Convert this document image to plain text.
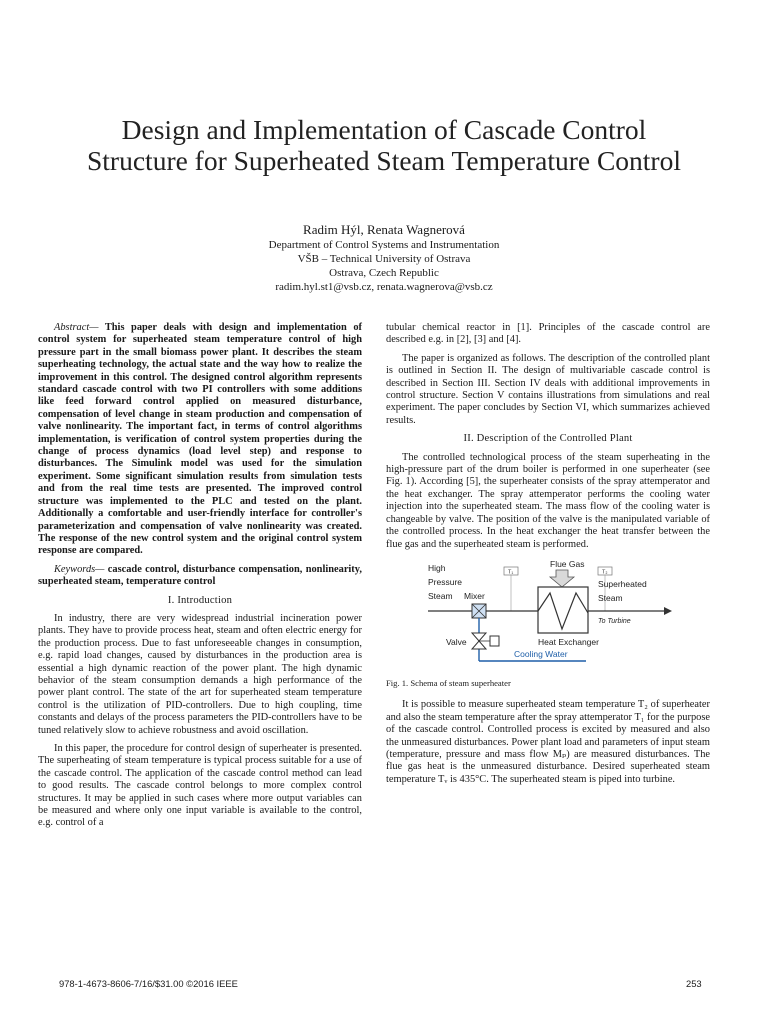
Design and Implementation of Cascade Control
Structure for Superheated Steam Temperature Control
Radim Hýl, Renata Wagnerová
Department of Control Systems and Instrumentation
VŠB – Technical University of Ostrava
Ostrava, Czech Republic
radim.hyl.st1@vsb.cz, renata.wagnerova@vsb.cz

Abstract— This paper deals with design and implementation of control system for superheated steam temperature control of high pressure part in the small biomass power plant. It describes the steam superheating technology, the actual state and the way how to realize the improvement in this control. The designed control algorithm represents standard cascade control with two PI controllers with some additions like feed forward control applied on measured disturbance, compensation of level change in steam production and compensation of valve nonlinearity. The important fact, in terms of control algorithms implementation, is verification of control system properties during the change of process dynamics (load level step) and response to disturbances. The Simulink model was used for the simulation experiment. Some significant simulation results from simulation tests and from the real time tests are presented. The improved control structure was implemented to the PLC and tested on the plant. Additionally a comfortable and user-friendly interface for controller's parameterization and compensation of valve nonlinearity was created. The response of the new control system and the original control system response are compared.

Keywords— cascade control, disturbance compensation, nonlinearity, superheated steam, temperature control

I. Introduction

In industry, there are very widespread industrial incineration power plants. They have to provide process heat, steam and often electric energy for the production process. Due to fast unforeseeable changes in consumption, e.g. rapid load changes, caused by disturbances in the production area is essential a high dynamic reaction of the power plant. The high dynamic behavior of the steam consumption demands a high performance of the power plant control. The state of the art for superheated steam temperature control is the utilization of PID-controllers. Due to high coupling, time constants and delays of the process parameters the PID-controllers have to be tuned relatively slow to achieve robustness and avoid oscillation.

In this paper, the procedure for control design of superheater is presented. The superheating of steam temperature is typical process suitable for a use of the cascade control. The application of the cascade control method can lead to good results. The cascade control belongs to more complex control structures. It may be applied in such cases where more output variables can be measured and where only one input variable is available to the control, e.g. control of a

tubular chemical reactor in [1]. Principles of the cascade control are described e.g. in [2], [3] and [4].

The paper is organized as follows. The description of the controlled plant is outlined in Section II. The design of multivariable cascade control is described in Section III. Section IV deals with additional improvements in control structure. Section V contains illustrations from simulations and real experiment. The paper concludes by Section VI, which summarizes achieved results.

II. Description of the Controlled Plant

The controlled technological process of the steam superheating in the high-pressure part of the drum boiler is performed in one superheater (see Fig. 1). According [5], the superheater consists of the spray attemperator and the heat exchanger. The spray attemperator performs the cooling water injection into the superheated steam. The mass flow of the cooling water is changeable by valve. The position of the valve is the manipulated variable of the controlled process. In the heat exchanger the heat transfer between the flue gas and the superheated steam is performed.

Flue Gas
T₁	T₂
High
Pressure
Steam Mixer
Superheated
Steam
To Turbine
Heat Exchanger
Valve
Cooling Water
Fig. 1. Schema of steam superheater

It is possible to measure superheated steam temperature T₂ of superheater and also the steam temperature after the spray attemperator T₁ for the purpose of the cascade control. Controlled process is excited by measured and also the unmeasured disturbances. Power plant load and parameters of input steam (temperature, pressure and mass flow Mₚ) are measured disturbances. The flue gas heat is the unmeasured disturbance. Desired superheated steam temperature Tᵥ is 435°C. The superheated steam is piped into turbine.

978-1-4673-8606-7/16/$31.00 ©2016 IEEE	253
